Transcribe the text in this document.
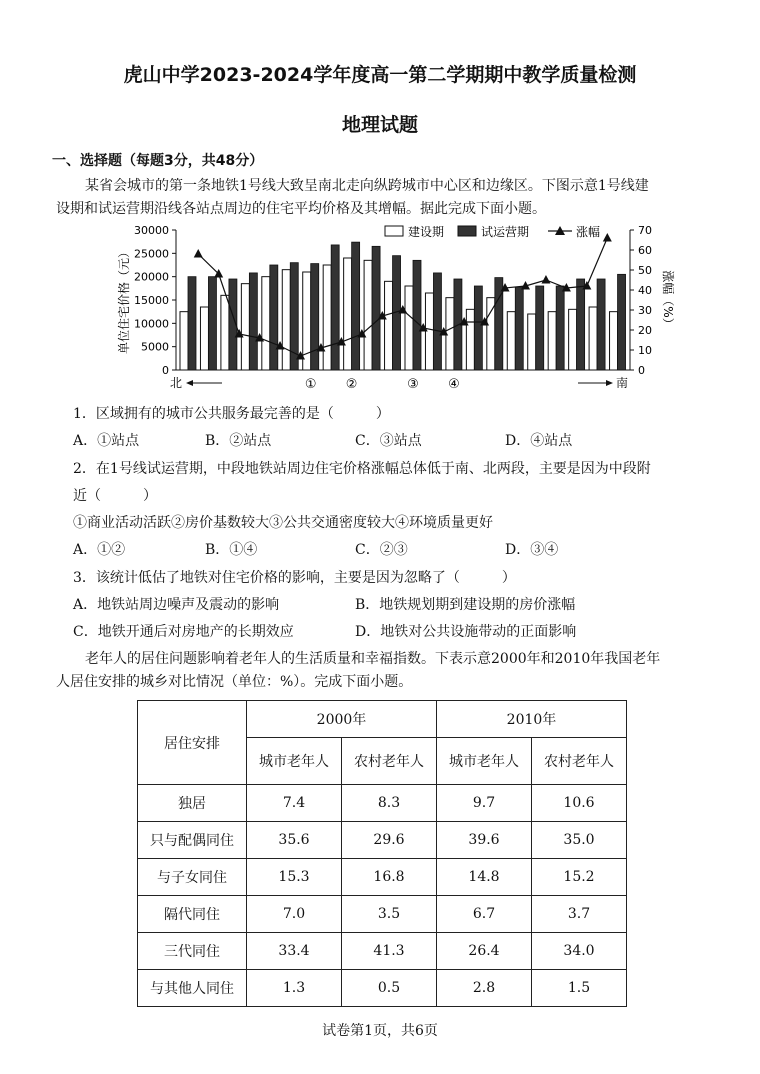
虎山中学2023-2024学年度高一第二学期期中教学质量检测
地理试题
一、选择题（每题3分，共48分）
某省会城市的第一条地铁1号线大致呈南北走向纵跨城市中心区和边缘区。下图示意1号线建
设期和试运营期沿线各站点周边的住宅平均价格及其增幅。据此完成下面小题。
30000
25000
20000
15000
10000
5000
0
70
60
50
40
30
20
10
0
单位住宅价格（元）	涨幅（%）
北	南
① ②	③ ④
建设期	试运营期	涨幅
1．区域拥有的城市公共服务最完善的是（　　　）
A．①站点	B．②站点	C．③站点	D．④站点
2．在1号线试运营期，中段地铁站周边住宅价格涨幅总体低于南、北两段，主要是因为中段附
近（　　　）
①商业活动活跃②房价基数较大③公共交通密度较大④环境质量更好
A．①②	B．①④	C．②③	D．③④
3．该统计低估了地铁对住宅价格的影响，主要是因为忽略了（　　　）
A．地铁站周边噪声及震动的影响	B．地铁规划期到建设期的房价涨幅
C．地铁开通后对房地产的长期效应	D．地铁对公共设施带动的正面影响
老年人的居住问题影响着老年人的生活质量和幸福指数。下表示意2000年和2010年我国老年
人居住安排的城乡对比情况（单位：%）。完成下面小题。
居住安排	2000年		2010年	
	城市老年人	农村老年人	城市老年人	农村老年人
独居	7.4	8.3	9.7	10.6
只与配偶同住	35.6	29.6	39.6	35.0
与子女同住	15.3	16.8	14.8	15.2
隔代同住	7.0	3.5	6.7	3.7
三代同住	33.4	41.3	26.4	34.0
与其他人同住	1.3	0.5	2.8	1.5
试卷第1页，共6页
